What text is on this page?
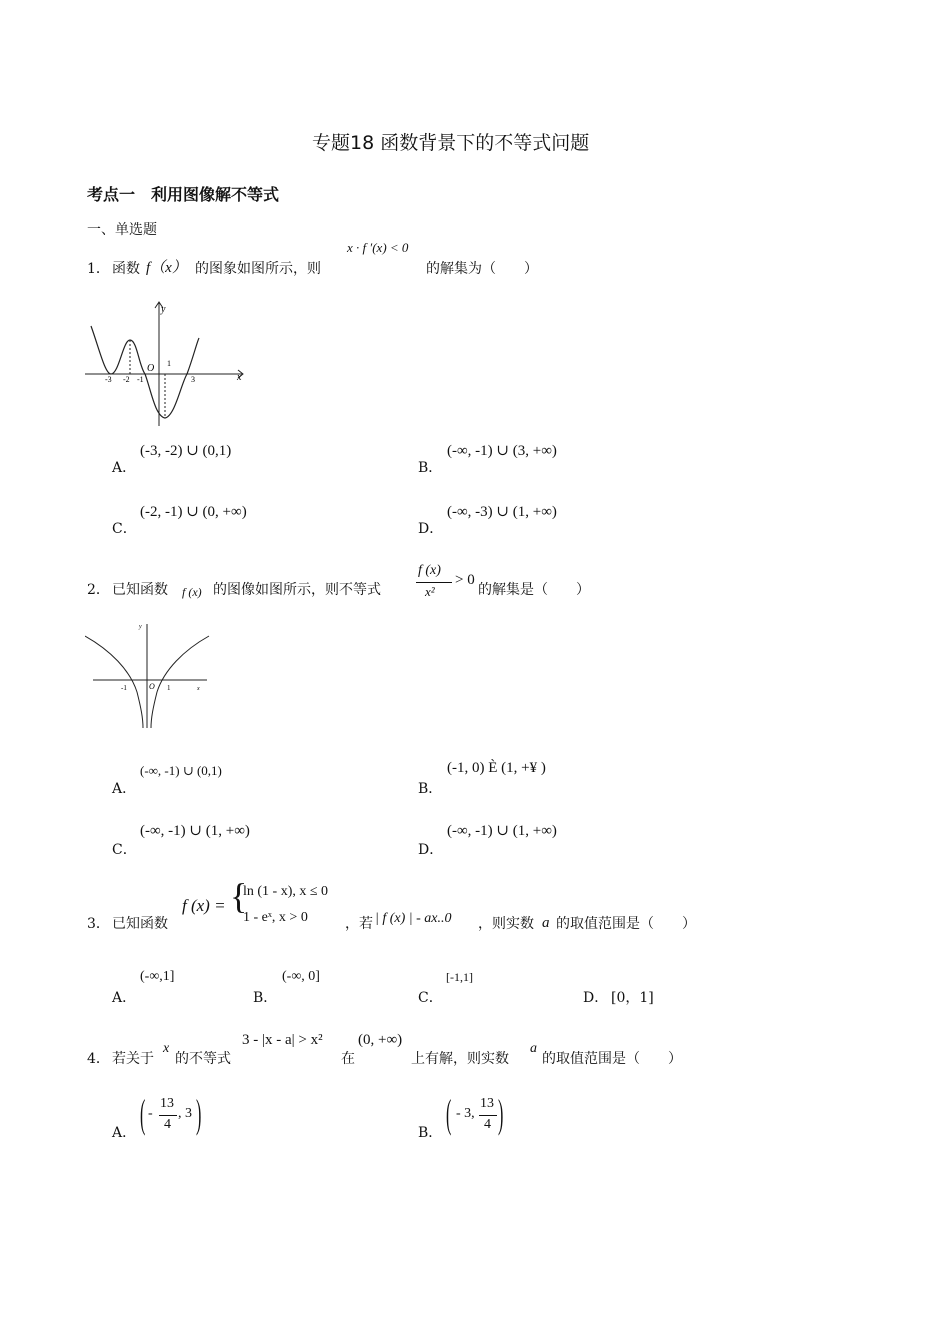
专题18 函数背景下的不等式问题
考点一　利用图像解不等式
一、单选题
1． 函数 f（x） 的图象如图所示，则
x · f ′(x) < 0
的解集为（　　）
y
x
O
-3 -2 -1
1
3
A．
(-3, -2) ∪ (0,1)
B．
(-∞, -1) ∪ (3, +∞)
C．
(-2, -1) ∪ (0, +∞)
D．
(-∞, -3) ∪ (1, +∞)
2． 已知函数 f (x) 的图像如图所示，则不等式
f (x)
x²
> 0
的解集是（　　）
y
x
O
-1	1
A．
(-∞, -1) ∪ (0,1)
B．
(-1, 0) È (1, +¥ )
C．
(-∞, -1) ∪ (1, +∞)
D．
(-∞, -1) ∪ (1, +∞)
3． 已知函数
f (x) = {
ln (1 - x), x ≤ 0
1 - eˣ, x > 0	，若 | f (x) | - ax..0 ，则实数 a 的取值范围是（　　）
A．
(-∞,1]
B．
(-∞, 0]
C．
[-1,1]
D． [0，1]
4． 若关于
x
的不等式
3 - |x - a| > x²
在
(0, +∞)
上有解，则实数
a
的取值范围是（　　）
A． ( -
13
4
, 3 )	B． ( - 3,
13
4 )
